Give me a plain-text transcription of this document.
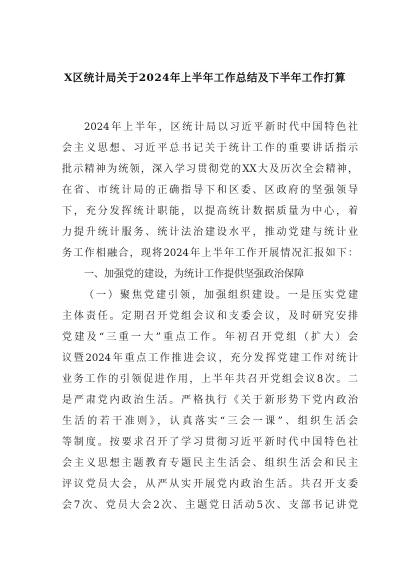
X区统计局关于2024年上半年工作总结及下半年工作打算
2024年上半年，区统计局以习近平新时代中国特色社
会主义思想、习近平总书记关于统计工作的重要讲话指示
批示精神为统领，深入学习贯彻党的XX大及历次全会精神，
在省、市统计局的正确指导下和区委、区政府的坚强领导
下，充分发挥统计职能，以提高统计数据质量为中心，着
力提升统计服务、统计法治建设水平，推动党建与统计业
务工作相融合，现将2024年上半年工作开展情况汇报如下：
一、加强党的建设，为统计工作提供坚强政治保障
（一）聚焦党建引领，加强组织建设。一是压实党建
主体责任。定期召开党组会议和支委会议，及时研究安排
党建及“三重一大”重点工作。年初召开党组（扩大）会
议暨2024年重点工作推进会议，充分发挥党建工作对统计
业务工作的引领促进作用，上半年共召开党组会议8次。二
是严肃党内政治生活。严格执行《关于新形势下党内政治
生活的若干准则》，认真落实“三会一课”、组织生活会
等制度。按要求召开了学习贯彻习近平新时代中国特色社
会主义思想主题教育专题民主生活会、组织生活会和民主
评议党员大会，从严从实开展党内政治生活。共召开支委
会7次、党员大会2次、主题党日活动5次、支部书记讲党
